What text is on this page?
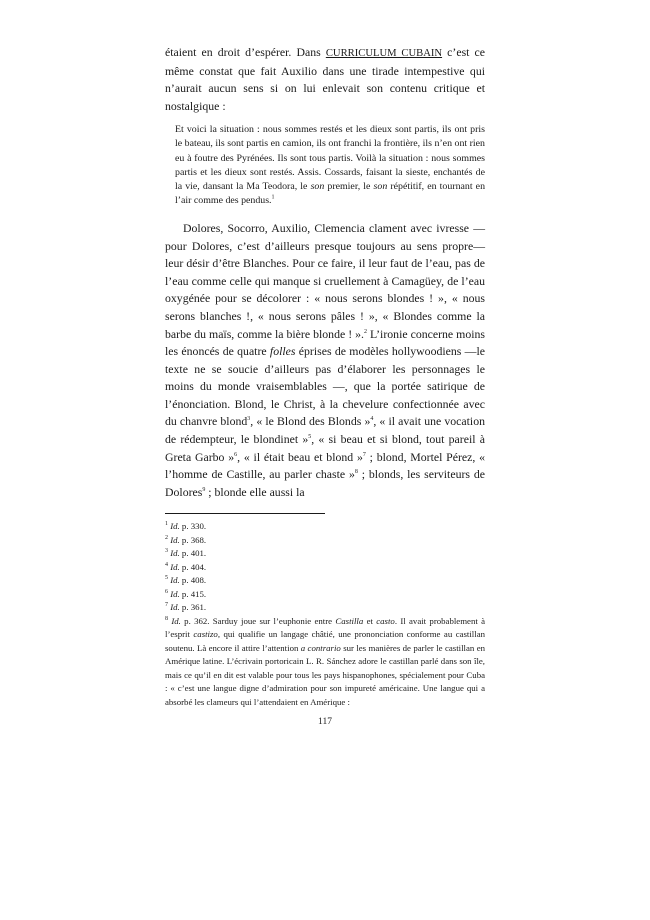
étaient en droit d’espérer. Dans CURRICULUM CUBAIN c’est ce même constat que fait Auxilio dans une tirade intempestive qui n’aurait aucun sens si on lui enlevait son contenu critique et nostalgique :

Et voici la situation : nous sommes restés et les dieux sont partis, ils ont pris le bateau, ils sont partis en camion, ils ont franchi la frontière, ils n’en ont rien eu à foutre des Pyrénées. Ils sont tous partis. Voilà la situation : nous sommes partis et les dieux sont restés. Assis. Cossards, faisant la sieste, enchantés de la vie, dansant la Ma Teodora, le son premier, le son répétitif, en tournant en l’air comme des pendus.$^1$

Dolores, Socorro, Auxilio, Clemencia clament avec ivresse — pour Dolores, c’est d’ailleurs presque toujours au sens propre— leur désir d’être Blanches. Pour ce faire, il leur faut de l’eau, pas de l’eau comme celle qui manque si cruellement à Camagüey, de l’eau oxygénée pour se décolorer : « nous serons blondes ! », « nous serons blanches !, « nous serons pâles ! », « Blondes comme la barbe du maïs, comme la bière blonde ! ».$^2$ L’ironie concerne moins les énoncés de quatre folles éprises de modèles hollywoodiens —le texte ne se soucie d’ailleurs pas d’élaborer les personnages le moins du monde vraisemblables —, que la portée satirique de l’énonciation. Blond, le Christ, à la chevelure confectionnée avec du chanvre blond$^3$, « le Blond des Blonds »$^4$, « il avait une vocation de rédempteur, le blondinet »$^5$, « si beau et si blond, tout pareil à Greta Garbo »$^6$, « il était beau et blond »$^7$ ; blond, Mortel Pérez, « l’homme de Castille, au parler chaste »$^8$ ; blonds, les serviteurs de Dolores$^9$ ; blonde elle aussi la

$^1$ Id. p. 330.

$^2$ Id. p. 368.

$^3$ Id. p. 401.

$^4$ Id. p. 404.

$^5$ Id. p. 408.

$^6$ Id. p. 415.

$^7$ Id. p. 361.

$^8$ Id. p. 362. Sarduy joue sur l’euphonie entre Castilla et casto. Il avait probablement à l’esprit castizo, qui qualifie un langage châtié, une prononciation conforme au castillan soutenu. Là encore il attire l’attention a contrario sur les manières de parler le castillan en Amérique latine. L’écrivain portoricain L. R. Sánchez adore le castillan parlé dans son île, mais ce qu’il en dit est valable pour tous les pays hispanophones, spécialement pour Cuba : « c’est une langue digne d’admiration pour son impureté américaine. Une langue qui a absorbé les clameurs qui l’attendaient en Amérique :

117
